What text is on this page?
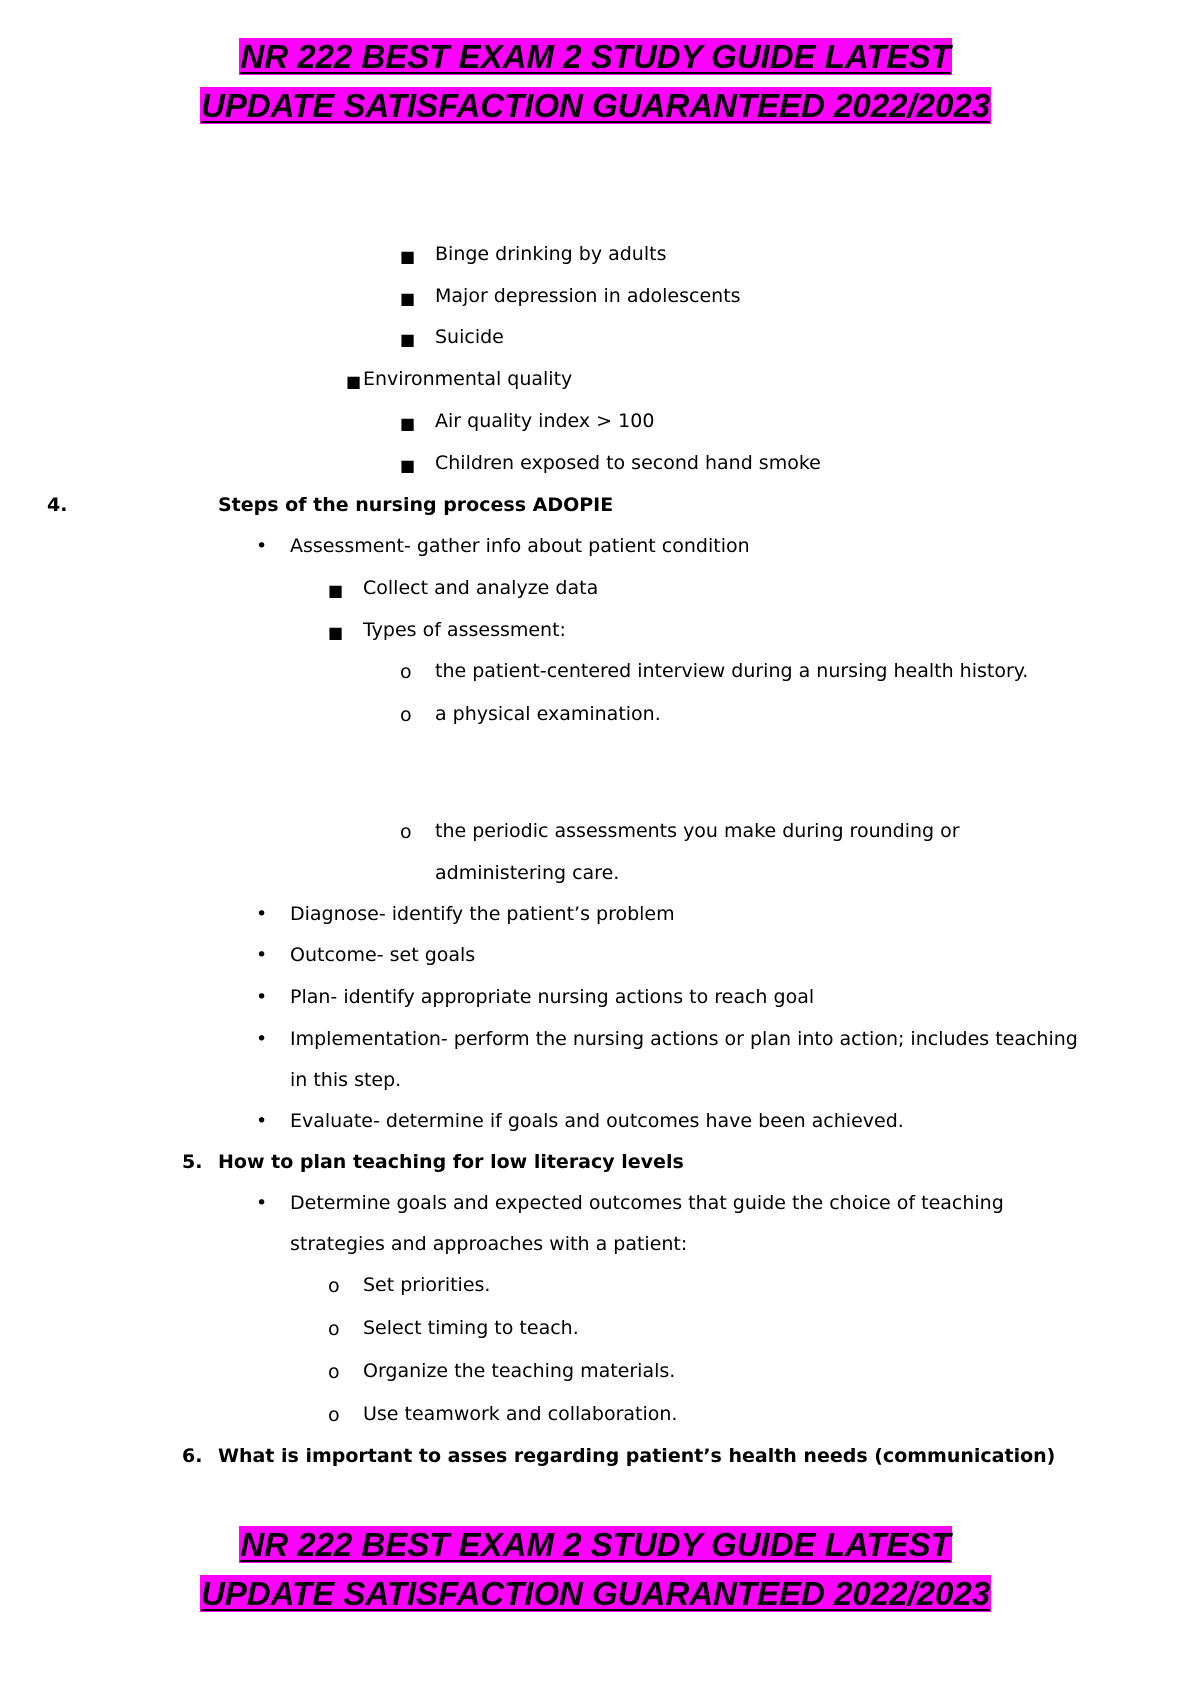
NR 222 BEST EXAM 2 STUDY GUIDE LATEST
UPDATE SATISFACTION GUARANTEED 2022/2023
■ Binge drinking by adults
■ Major depression in adolescents
■ Suicide
■ Environmental quality
■ Air quality index > 100
■ Children exposed to second hand smoke
4.	Steps of the nursing process ADOPIE
• Assessment- gather info about patient condition
■ Collect and analyze data
■ Types of assessment:
o the patient-centered interview during a nursing health history.
o a physical examination.
o the periodic assessments you make during rounding or
administering care.
• Diagnose- identify the patient’s problem
• Outcome- set goals
• Plan- identify appropriate nursing actions to reach goal
• Implementation- perform the nursing actions or plan into action; includes teaching
in this step.
• Evaluate- determine if goals and outcomes have been achieved.
5. How to plan teaching for low literacy levels
• Determine goals and expected outcomes that guide the choice of teaching
strategies and approaches with a patient:
o Set priorities.
o Select timing to teach.
o Organize the teaching materials.
o Use teamwork and collaboration.
6. What is important to asses regarding patient’s health needs (communication)
NR 222 BEST EXAM 2 STUDY GUIDE LATEST
UPDATE SATISFACTION GUARANTEED 2022/2023
